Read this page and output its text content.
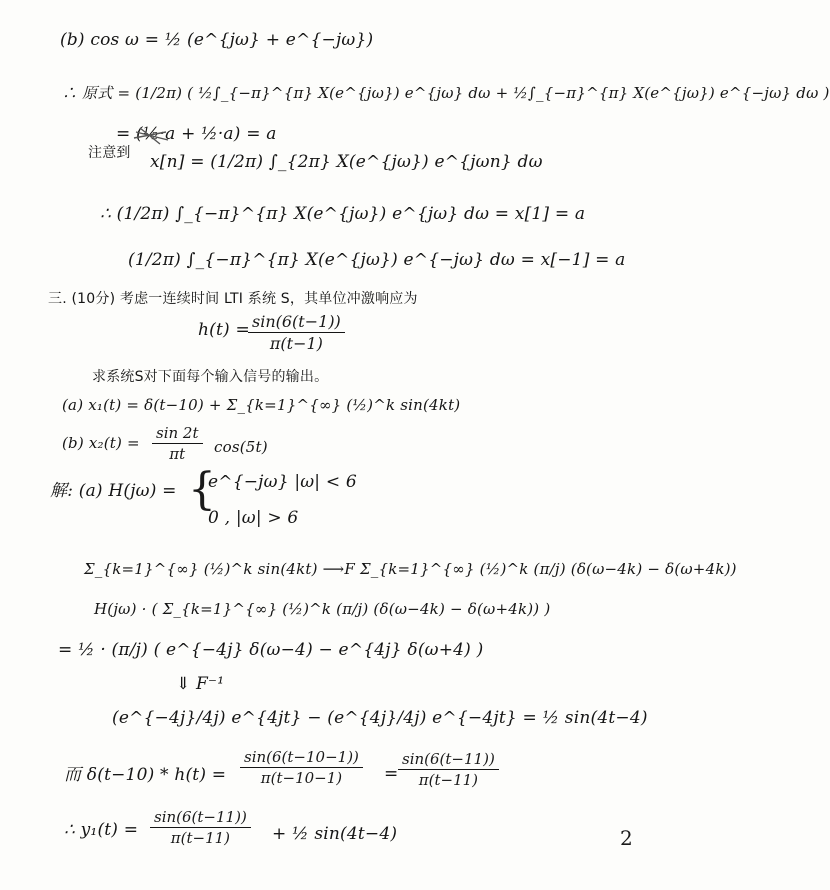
(b) cos ω = ½ (e^{jω} + e^{−jω})
∴ 原式 = (1/2π) ( ½∫_{−π}^{π} X(e^{jω}) e^{jω} dω + ½∫_{−π}^{π} X(e^{jω}) e^{−jω} dω )
= (½·a + ½·a) = a
注意到 x[n] = (1/2π) ∫_{2π} X(e^{jω}) e^{jωn} dω
∴ (1/2π) ∫_{−π}^{π} X(e^{jω}) e^{jω} dω = x[1] = a
(1/2π) ∫_{−π}^{π} X(e^{jω}) e^{−jω} dω = x[−1] = a
三. (10分) 考虑一连续时间 LTI 系统 S，其单位冲激响应为
h(t) =
$\frac{\sin(6(t-1))}{\pi(t-1)}$
求系统S对下面每个输入信号的输出。
(a) x₁(t) = δ(t−10) + Σ_{k=1}^{∞} (½)^k sin(4kt)
(b) $x_2(t) = \frac{\sin 2t}{\pi t} \cos(5t)$
解: (a) H(jω) = {
e^{−jω} |ω| < 6
0 , |ω| > 6
Σ_{k=1}^{∞} (½)^k sin(4kt) ⟶F Σ_{k=1}^{∞} (½)^k (π/j) (δ(ω−4k) − δ(ω+4k))
H(jω) · ( Σ_{k=1}^{∞} (½)^k (π/j) (δ(ω−4k) − δ(ω+4k)) )
= ½ · (π/j) ( e^{−4j} δ(ω−4) − e^{4j} δ(ω+4) )
⇓ F⁻¹
(e^{−4j}/4j) e^{4jt} − (e^{4j}/4j) e^{−4jt} = ½ sin(4t−4)
而 $\delta(t-10) * h(t) = \frac{\sin(6(t-10-1))}{\pi(t-10-1)} = \frac{\sin(6(t-11))}{\pi(t-11)}$
∴ $y_1(t) = \frac{\sin(6(t-11))}{\pi(t-11)}$ + ½ sin(4t−4)	2
